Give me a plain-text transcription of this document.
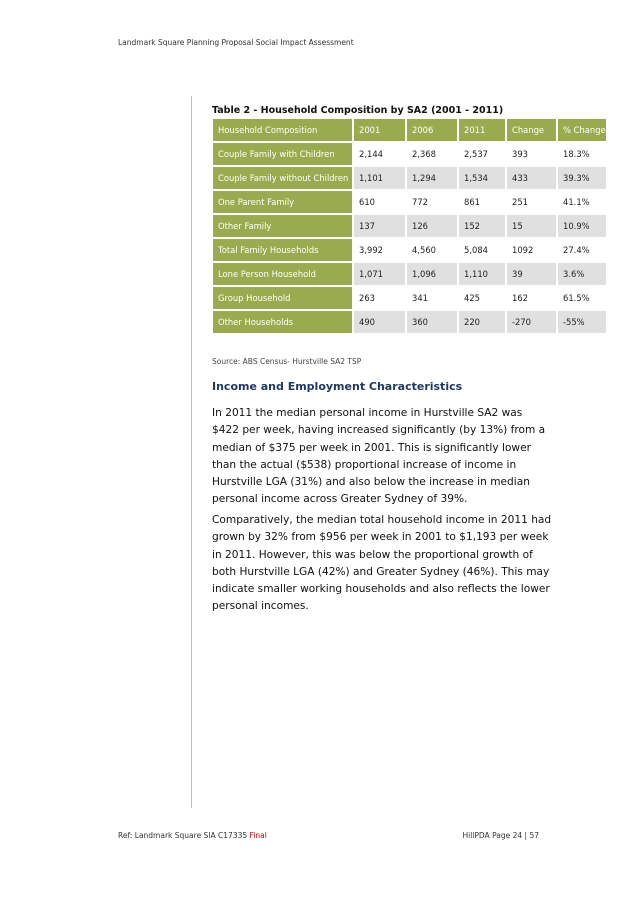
Landmark Square Planning Proposal Social Impact Assessment
Table 2 - Household Composition by SA2 (2001 - 2011)
Household Composition	2001	2006	2011	Change	% Change
Couple Family with Children	2,144	2,368	2,537	393	18.3%
Couple Family without Children	1,101	1,294	1,534	433	39.3%
One Parent Family	610	772	861	251	41.1%
Other Family	137	126	152	15	10.9%
Total Family Households	3,992	4,560	5,084	1092	27.4%
Lone Person Household	1,071	1,096	1,110	39	3.6%
Group Household	263	341	425	162	61.5%
Other Households	490	360	220	-270	-55%
Source: ABS Census- Hurstville SA2 TSP
Income and Employment Characteristics

In 2011 the median personal income in Hurstville SA2 was $422 per week, having increased significantly (by 13%) from a median of $375 per week in 2001. This is significantly lower than the actual ($538) proportional increase of income in Hurstville LGA (31%) and also below the increase in median personal income across Greater Sydney of 39%.

Comparatively, the median total household income in 2011 had grown by 32% from $956 per week in 2001 to $1,193 per week in 2011. However, this was below the proportional growth of both Hurstville LGA (42%) and Greater Sydney (46%). This may indicate smaller working households and also reflects the lower personal incomes.

Ref: Landmark Square SIA C17335 Final	HillPDA Page 24 | 57
